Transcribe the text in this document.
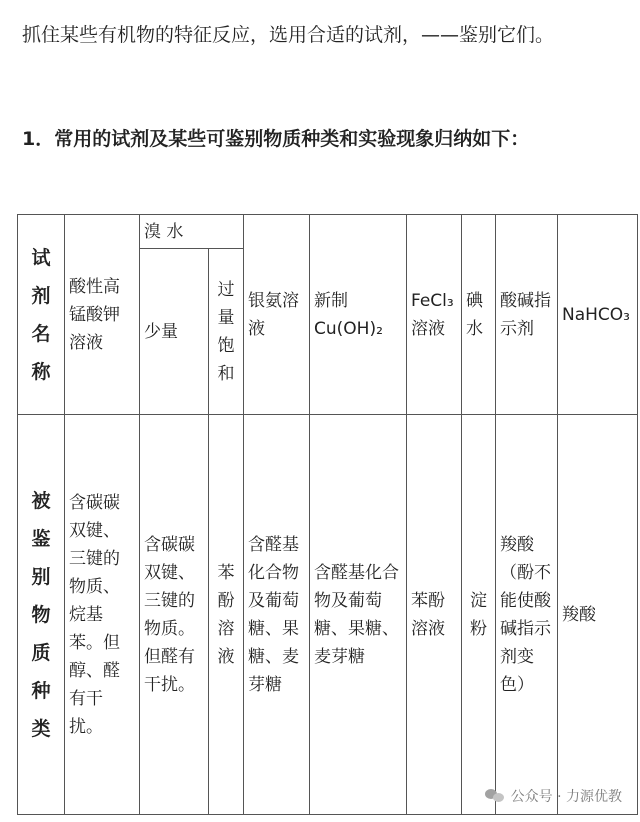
抓住某些有机物的特征反应，选用合适的试剂，——鉴别它们。
1．常用的试剂及某些可鉴别物质种类和实验现象归纳如下：
试剂名称	酸性高锰酸钾溶液	溴 水		银氨溶液	新制Cu(OH)₂	FeCl₃溶液	碘水	酸碱指示剂	NaHCO₃
		少量	过量饱和						

被鉴别物质种类	含碳碳双键、三键的物质、烷基苯。但醇、醛有干扰。	含碳碳双键、三键的物质。但醛有干扰。	苯酚溶液	含醛基化合物及葡萄糖、果糖、麦芽糖	含醛基化合物及葡萄糖、果糖、麦芽糖	苯酚溶液	淀粉	羧酸（酚不能使酸碱指示剂变色）	羧酸
公众号 · 力源优教
